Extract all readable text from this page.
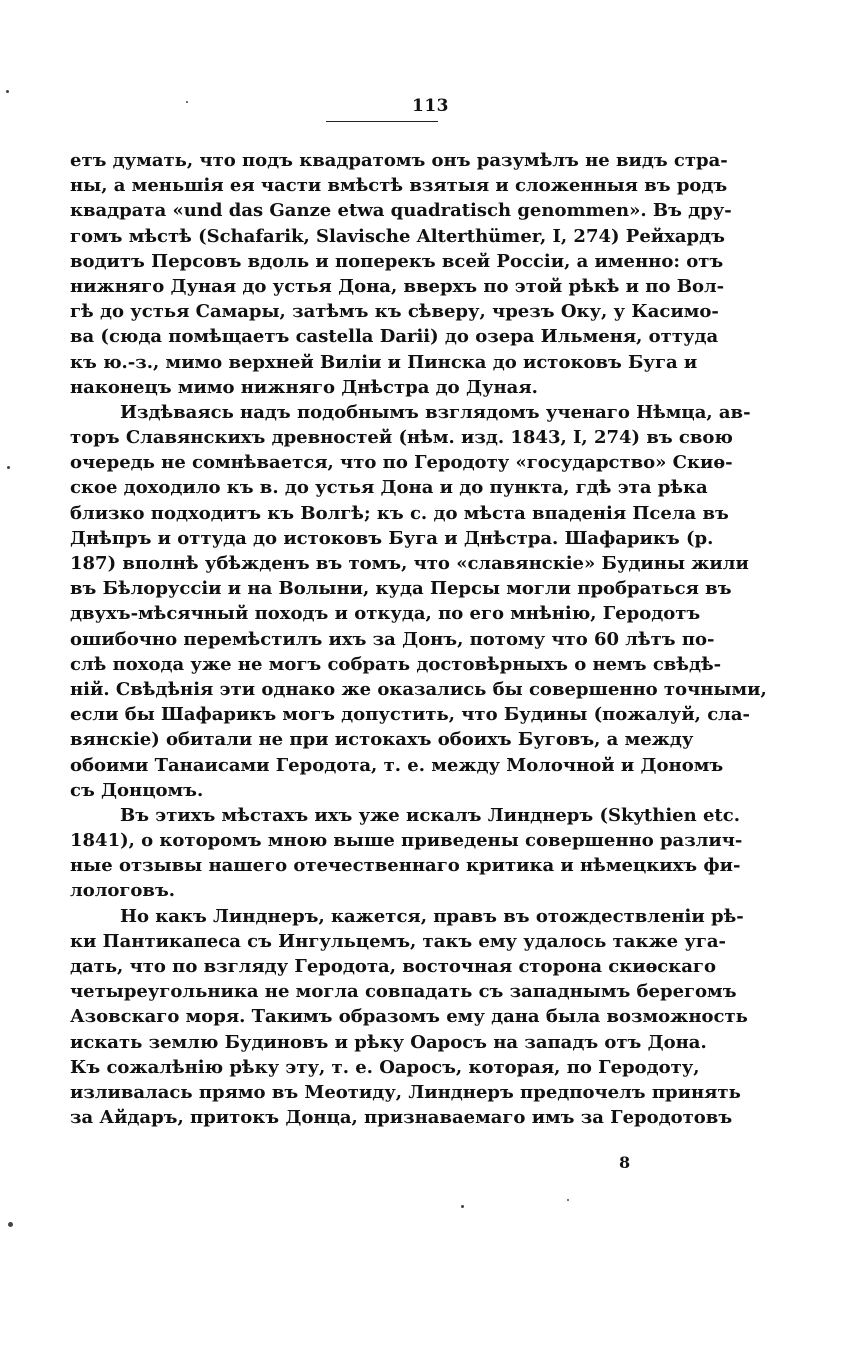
113
етъ думать, что подъ квадратомъ онъ разумѣлъ не видъ стра-
ны, а меньшія ея части вмѣстѣ взятыя и сложенныя въ родъ
квадрата «und das Ganze etwa quadratisch genommen». Въ дру-
гомъ мѣстѣ (Schafarik, Slavische Alterthümer, I, 274) Рейхардъ
водитъ Персовъ вдоль и поперекъ всей Россіи, а именно: отъ
нижняго Дуная до устья Дона, вверхъ по этой рѣкѣ и по Вол-
гѣ до устья Самары, затѣмъ къ сѣверу, чрезъ Оку, у Касимо-
ва (сюда помѣщаетъ castella Darii) до озера Ильменя, оттуда
къ ю.-з., мимо верхней Виліи и Пинска до истоковъ Буга и
наконецъ мимо нижняго Днѣстра до Дуная.
Издѣваясь надъ подобнымъ взглядомъ ученаго Нѣмца, ав-
торъ Славянскихъ древностей (нѣм. изд. 1843, I, 274) въ свою
очередь не сомнѣвается, что по Геродоту «государство» Скиѳ-
ское доходило къ в. до устья Дона и до пункта, гдѣ эта рѣка
близко подходитъ къ Волгѣ; къ с. до мѣста впаденія Псела въ
Днѣпръ и оттуда до истоковъ Буга и Днѣстра. Шафарикъ (р.
187) вполнѣ убѣжденъ въ томъ, что «славянскіе» Будины жили
въ Бѣлоруссіи и на Волыни, куда Персы могли пробраться въ
двухъ-мѣсячный походъ и откуда, по его мнѣнію, Геродотъ
ошибочно перемѣстилъ ихъ за Донъ, потому что 60 лѣтъ по-
слѣ похода уже не могъ собрать достовѣрныхъ о немъ свѣдѣ-
ній. Свѣдѣнія эти однако же оказались бы совершенно точными,
если бы Шафарикъ могъ допустить, что Будины (пожалуй, сла-
вянскіе) обитали не при истокахъ обоихъ Буговъ, а между
обоими Танаисами Геродота, т. е. между Молочной и Дономъ
съ Донцомъ.
Въ этихъ мѣстахъ ихъ уже искалъ Линднеръ (Skythien etc.
1841), о которомъ мною выше приведены совершенно различ-
ные отзывы нашего отечественнаго критика и нѣмецкихъ фи-
лологовъ.
Но какъ Линднеръ, кажется, правъ въ отождествленіи рѣ-
ки Пантикапеса съ Ингульцемъ, такъ ему удалось также уга-
дать, что по взгляду Геродота, восточная сторона скиѳскаго
четыреугольника не могла совпадать съ западнымъ берегомъ
Азовскаго моря. Такимъ образомъ ему дана была возможность
искать землю Будиновъ и рѣку Оаросъ на западъ отъ Дона.
Къ сожалѣнію рѣку эту, т. е. Оаросъ, которая, по Геродоту,
изливалась прямо въ Меотиду, Линднеръ предпочелъ принять
за Айдаръ, притокъ Донца, признаваемаго имъ за Геродотовъ
8
